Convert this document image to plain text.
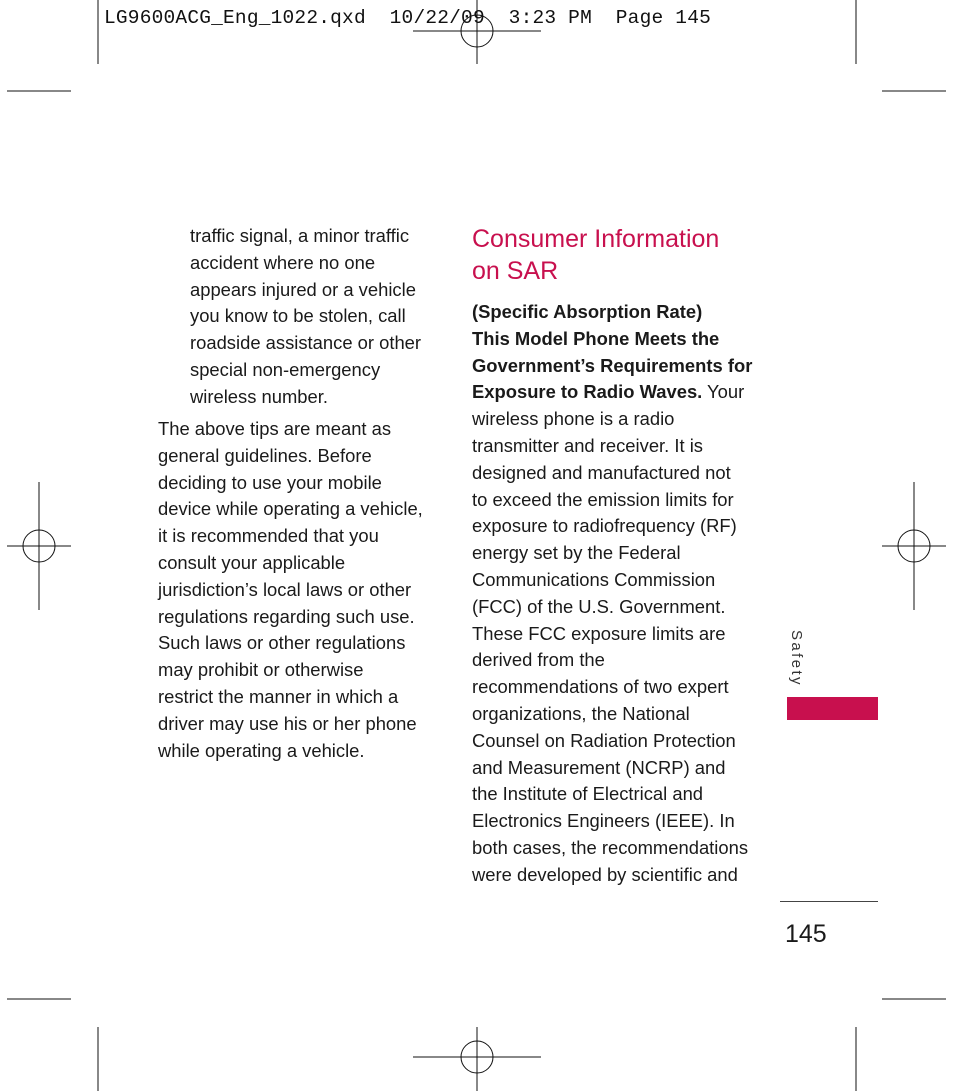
LG9600ACG_Eng_1022.qxd  10/22/09  3:23 PM  Page 145

traffic signal, a minor traffic

accident where no one

appears injured or a vehicle

you know to be stolen, call

roadside assistance or other

special non-emergency

wireless number.

The above tips are meant as

general guidelines. Before

deciding to use your mobile

device while operating a vehicle,

it is recommended that you

consult your applicable

jurisdiction’s local laws or other

regulations regarding such use.

Such laws or other regulations

may prohibit or otherwise

restrict the manner in which a

driver may use his or her phone

while operating a vehicle.

Consumer Information
on SAR

(Specific Absorption Rate)

This Model Phone Meets the

Government’s Requirements for

Exposure to Radio Waves. Your

wireless phone is a radio

transmitter and receiver. It is

designed and manufactured not

to exceed the emission limits for

exposure to radiofrequency (RF)

energy set by the Federal

Communications Commission

(FCC) of the U.S. Government.

These FCC exposure limits are

derived from the

recommendations of two expert

organizations, the National

Counsel on Radiation Protection

and Measurement (NCRP) and

the Institute of Electrical and

Electronics Engineers (IEEE). In

both cases, the recommendations

were developed by scientific and

Safety
145
